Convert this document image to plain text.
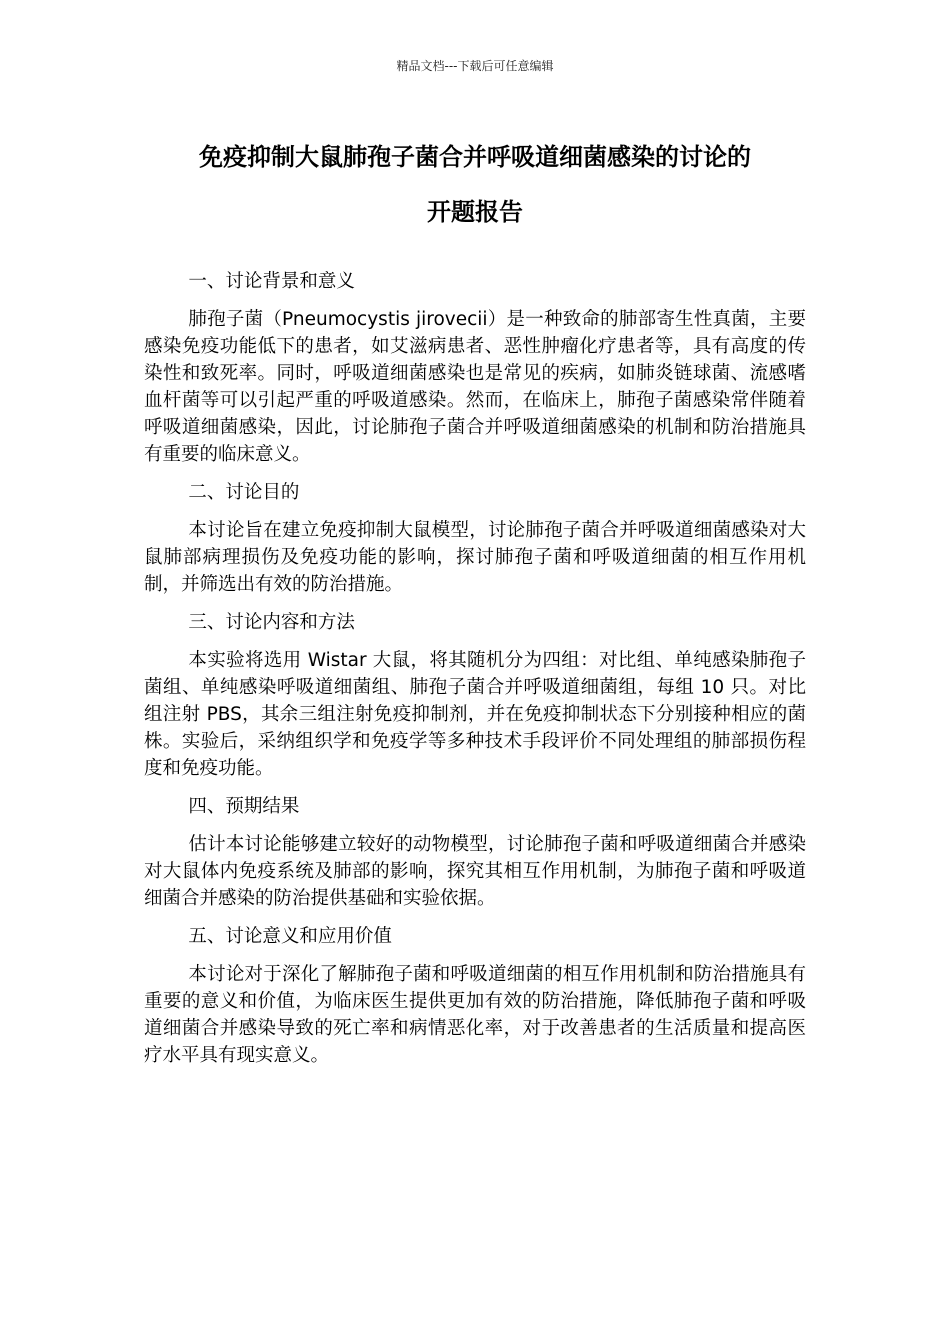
精品文档---下载后可任意编辑
免疫抑制大鼠肺孢子菌合并呼吸道细菌感染的讨论的
开题报告

一、讨论背景和意义

肺孢子菌（Pneumocystis jirovecii）是一种致命的肺部寄生性真菌，主要感染免疫功能低下的患者，如艾滋病患者、恶性肿瘤化疗患者等，具有高度的传染性和致死率。同时，呼吸道细菌感染也是常见的疾病，如肺炎链球菌、流感嗜血杆菌等可以引起严重的呼吸道感染。然而，在临床上，肺孢子菌感染常伴随着呼吸道细菌感染，因此，讨论肺孢子菌合并呼吸道细菌感染的机制和防治措施具有重要的临床意义。

二、讨论目的

本讨论旨在建立免疫抑制大鼠模型，讨论肺孢子菌合并呼吸道细菌感染对大鼠肺部病理损伤及免疫功能的影响，探讨肺孢子菌和呼吸道细菌的相互作用机制，并筛选出有效的防治措施。

三、讨论内容和方法

本实验将选用 Wistar 大鼠，将其随机分为四组：对比组、单纯感染肺孢子菌组、单纯感染呼吸道细菌组、肺孢子菌合并呼吸道细菌组，每组 10 只。对比组注射 PBS，其余三组注射免疫抑制剂，并在免疫抑制状态下分别接种相应的菌株。实验后，采纳组织学和免疫学等多种技术手段评价不同处理组的肺部损伤程度和免疫功能。

四、预期结果

估计本讨论能够建立较好的动物模型，讨论肺孢子菌和呼吸道细菌合并感染对大鼠体内免疫系统及肺部的影响，探究其相互作用机制，为肺孢子菌和呼吸道细菌合并感染的防治提供基础和实验依据。

五、讨论意义和应用价值

本讨论对于深化了解肺孢子菌和呼吸道细菌的相互作用机制和防治措施具有重要的意义和价值，为临床医生提供更加有效的防治措施，降低肺孢子菌和呼吸道细菌合并感染导致的死亡率和病情恶化率，对于改善患者的生活质量和提高医疗水平具有现实意义。
